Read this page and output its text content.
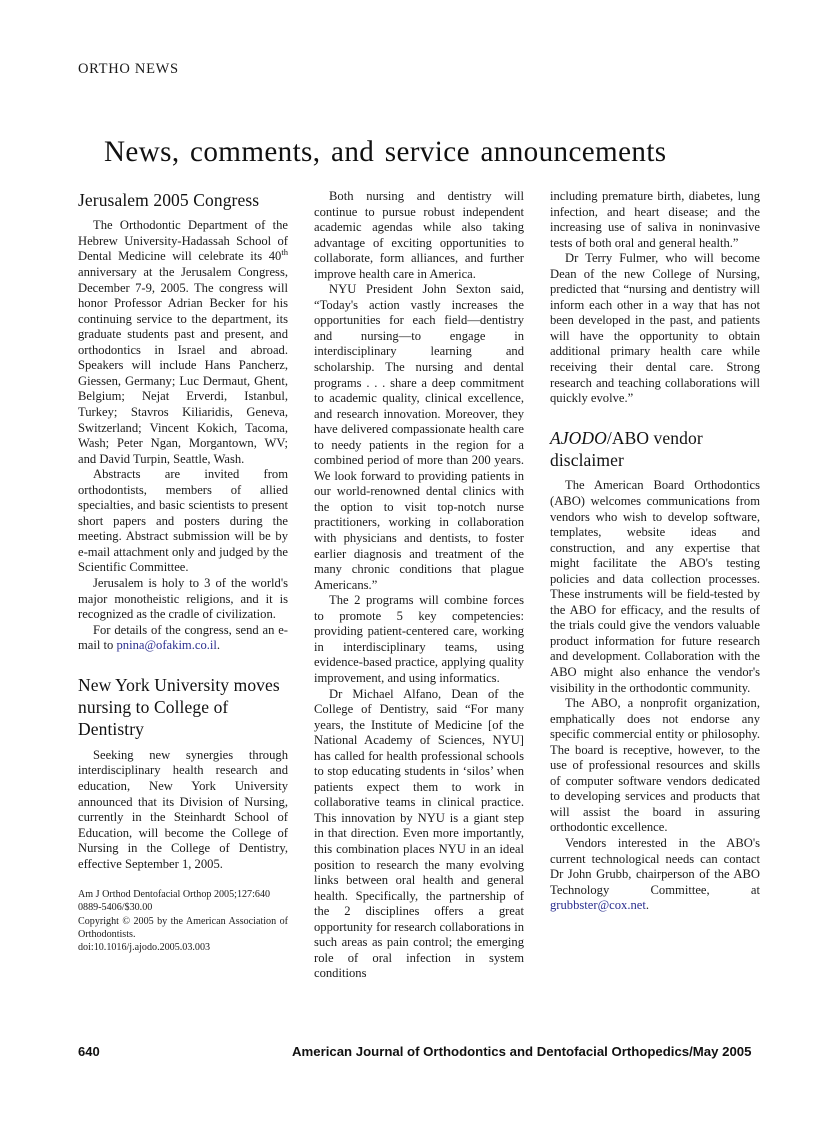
ORTHO NEWS
News, comments, and service announcements
Jerusalem 2005 Congress

The Orthodontic Department of the Hebrew University-Hadassah School of Dental Medicine will celebrate its 40th anniversary at the Jerusalem Congress, December 7-9, 2005. The congress will honor Professor Adrian Becker for his continuing service to the department, its graduate students past and present, and orthodontics in Israel and abroad. Speakers will include Hans Pancherz, Giessen, Germany; Luc Dermaut, Ghent, Belgium; Nejat Erverdi, Istanbul, Turkey; Stavros Kiliaridis, Geneva, Switzerland; Vincent Kokich, Tacoma, Wash; Peter Ngan, Morgantown, WV; and David Turpin, Seattle, Wash.

Abstracts are invited from orthodontists, members of allied specialties, and basic scientists to present short papers and posters during the meeting. Abstract submission will be by e-mail attachment only and judged by the Scientific Committee.

Jerusalem is holy to 3 of the world's major monotheistic religions, and it is recognized as the cradle of civilization.

For details of the congress, send an e-mail to pnina@ofakim.co.il.

New York University moves nursing to College of Dentistry

Seeking new synergies through interdisciplinary health research and education, New York University announced that its Division of Nursing, currently in the Steinhardt School of Education, will become the College of Nursing in the College of Dentistry, effective September 1, 2005.

Am J Orthod Dentofacial Orthop 2005;127:640
0889-5406/$30.00
Copyright © 2005 by the American Association of Orthodontists.
doi:10.1016/j.ajodo.2005.03.003

Both nursing and dentistry will continue to pursue robust independent academic agendas while also taking advantage of exciting opportunities to collaborate, form alliances, and further improve health care in America.

NYU President John Sexton said, “Today's action vastly increases the opportunities for each field—dentistry and nursing—to engage in interdisciplinary learning and scholarship. The nursing and dental programs . . . share a deep commitment to academic quality, clinical excellence, and research innovation. Moreover, they have delivered compassionate health care to needy patients in the region for a combined period of more than 200 years. We look forward to providing patients in our world-renowned dental clinics with the option to visit top-notch nurse practitioners, working in collaboration with physicians and dentists, to foster earlier diagnosis and treatment of the many chronic conditions that plague Americans.”

The 2 programs will combine forces to promote 5 key competencies: providing patient-centered care, working in interdisciplinary teams, using evidence-based practice, applying quality improvement, and using informatics.

Dr Michael Alfano, Dean of the College of Dentistry, said “For many years, the Institute of Medicine [of the National Academy of Sciences, NYU] has called for health professional schools to stop educating students in ‘silos’ when patients expect them to work in collaborative teams in clinical practice. This innovation by NYU is a giant step in that direction. Even more importantly, this combination places NYU in an ideal position to research the many evolving links between oral health and general health. Specifically, the partnership of the 2 disciplines offers a great opportunity for research collaborations in such areas as pain control; the emerging role of oral infection in system conditions

including premature birth, diabetes, lung infection, and heart disease; and the increasing use of saliva in noninvasive tests of both oral and general health.”

Dr Terry Fulmer, who will become Dean of the new College of Nursing, predicted that “nursing and dentistry will inform each other in a way that has not been developed in the past, and patients will have the opportunity to obtain additional primary health care while receiving their dental care. Strong research and teaching collaborations will quickly evolve.”

AJODO/ABO vendor disclaimer

The American Board Orthodontics (ABO) welcomes communications from vendors who wish to develop software, templates, website ideas and construction, and any expertise that might facilitate the ABO's testing policies and data collection processes. These instruments will be field-tested by the ABO for efficacy, and the results of the trials could give the vendors valuable product information for future research and development. Collaboration with the ABO might also enhance the vendor's visibility in the orthodontic community.

The ABO, a nonprofit organization, emphatically does not endorse any specific commercial entity or philosophy. The board is receptive, however, to the use of professional resources and skills of computer software vendors dedicated to developing services and products that will assist the board in assuring orthodontic excellence.

Vendors interested in the ABO's current technological needs can contact Dr John Grubb, chairperson of the ABO Technology Committee, at grubbster@cox.net.

640	American Journal of Orthodontics and Dentofacial Orthopedics/May 2005
